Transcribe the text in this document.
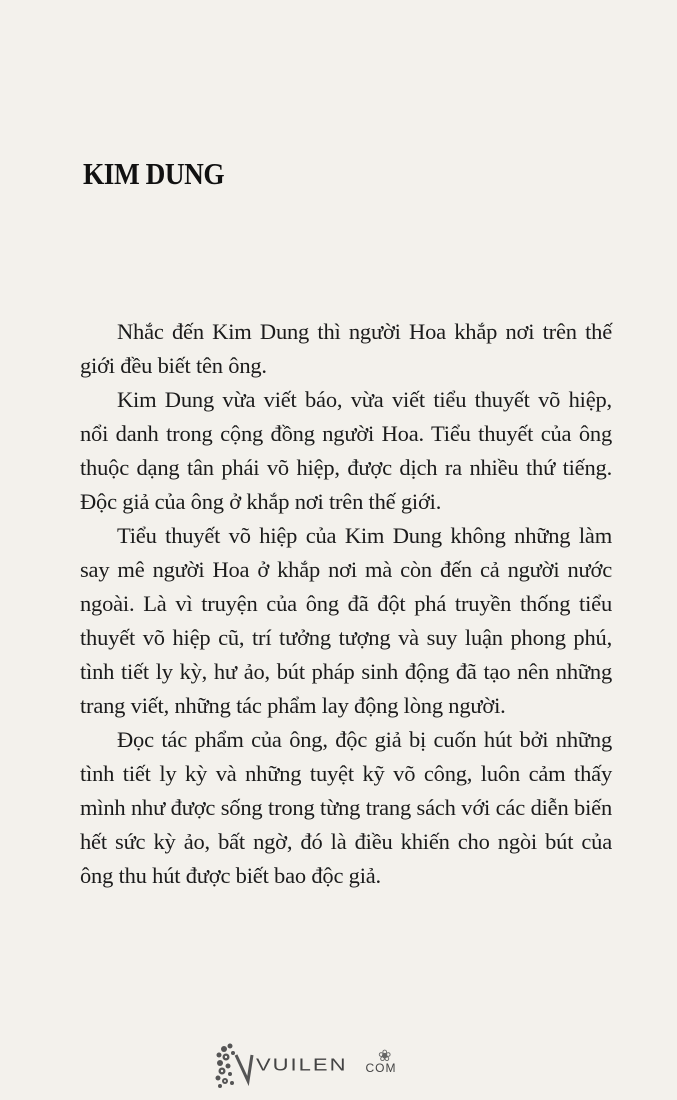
KIM DUNG

Nhắc đến Kim Dung thì người Hoa khắp nơi trên thế giới đều biết tên ông.

Kim Dung vừa viết báo, vừa viết tiểu thuyết võ hiệp, nổi danh trong cộng đồng người Hoa. Tiểu thuyết của ông thuộc dạng tân phái võ hiệp, được dịch ra nhiều thứ tiếng. Độc giả của ông ở khắp nơi trên thế giới.

Tiểu thuyết võ hiệp của Kim Dung không những làm say mê người Hoa ở khắp nơi mà còn đến cả người nước ngoài. Là vì truyện của ông đã đột phá truyền thống tiểu thuyết võ hiệp cũ, trí tưởng tượng và suy luận phong phú, tình tiết ly kỳ, hư ảo, bút pháp sinh động đã tạo nên những trang viết, những tác phẩm lay động lòng người.

Đọc tác phẩm của ông, độc giả bị cuốn hút bởi những tình tiết ly kỳ và những tuyệt kỹ võ công, luôn cảm thấy mình như được sống trong từng trang sách với các diễn biến hết sức kỳ ảo, bất ngờ, đó là điều khiến cho ngòi bút của ông thu hút được biết bao độc giả.

VUILEN ❀
COM
